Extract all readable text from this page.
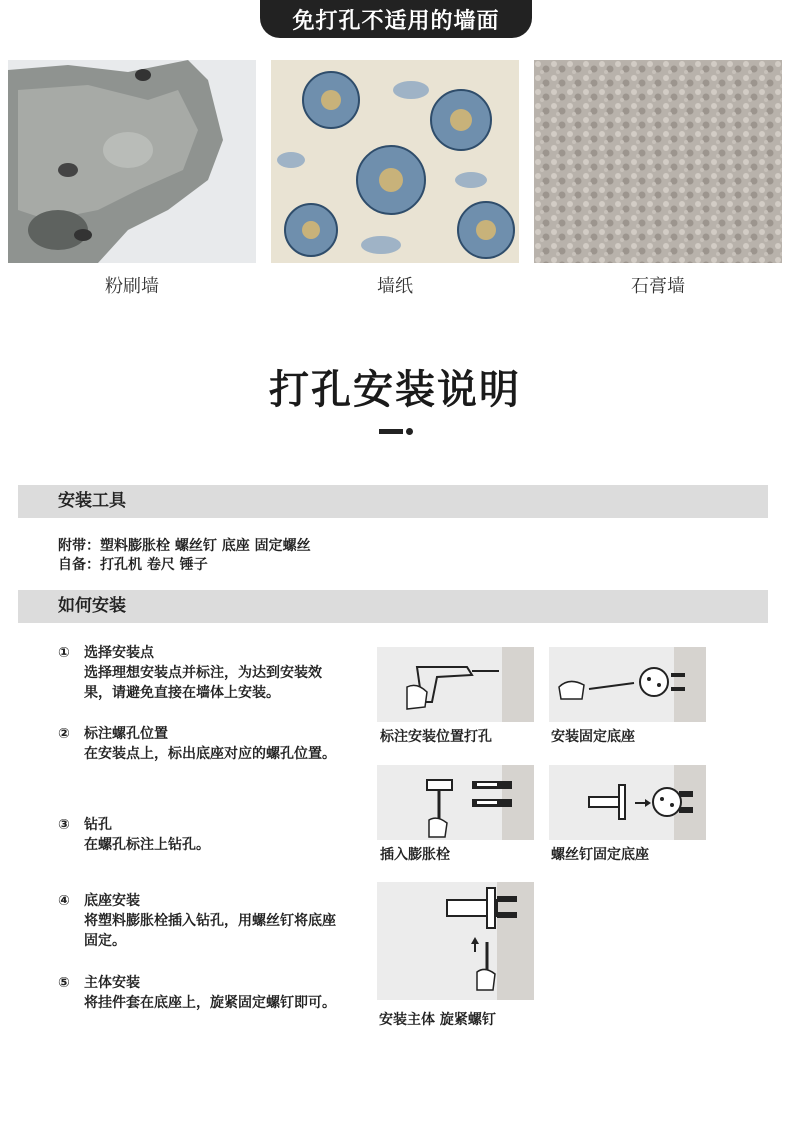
免打孔不适用的墙面
粉刷墙	墙纸	石膏墙
打孔安装说明
安装工具
附带：塑料膨胀栓 螺丝钉 底座 固定螺丝
自备：打孔机 卷尺 锤子
如何安装
① 选择安装点
选择理想安装点并标注，为达到安装效果，请避免直接在墙体上安装。
② 标注螺孔位置
在安装点上，标出底座对应的螺孔位置。
③ 钻孔
在螺孔标注上钻孔。
④ 底座安装
将塑料膨胀栓插入钻孔，用螺丝钉将底座固定。
⑤ 主体安装
将挂件套在底座上，旋紧固定螺钉即可。
标注安装位置打孔	安装固定底座
插入膨胀栓	螺丝钉固定底座
安装主体 旋紧螺钉
